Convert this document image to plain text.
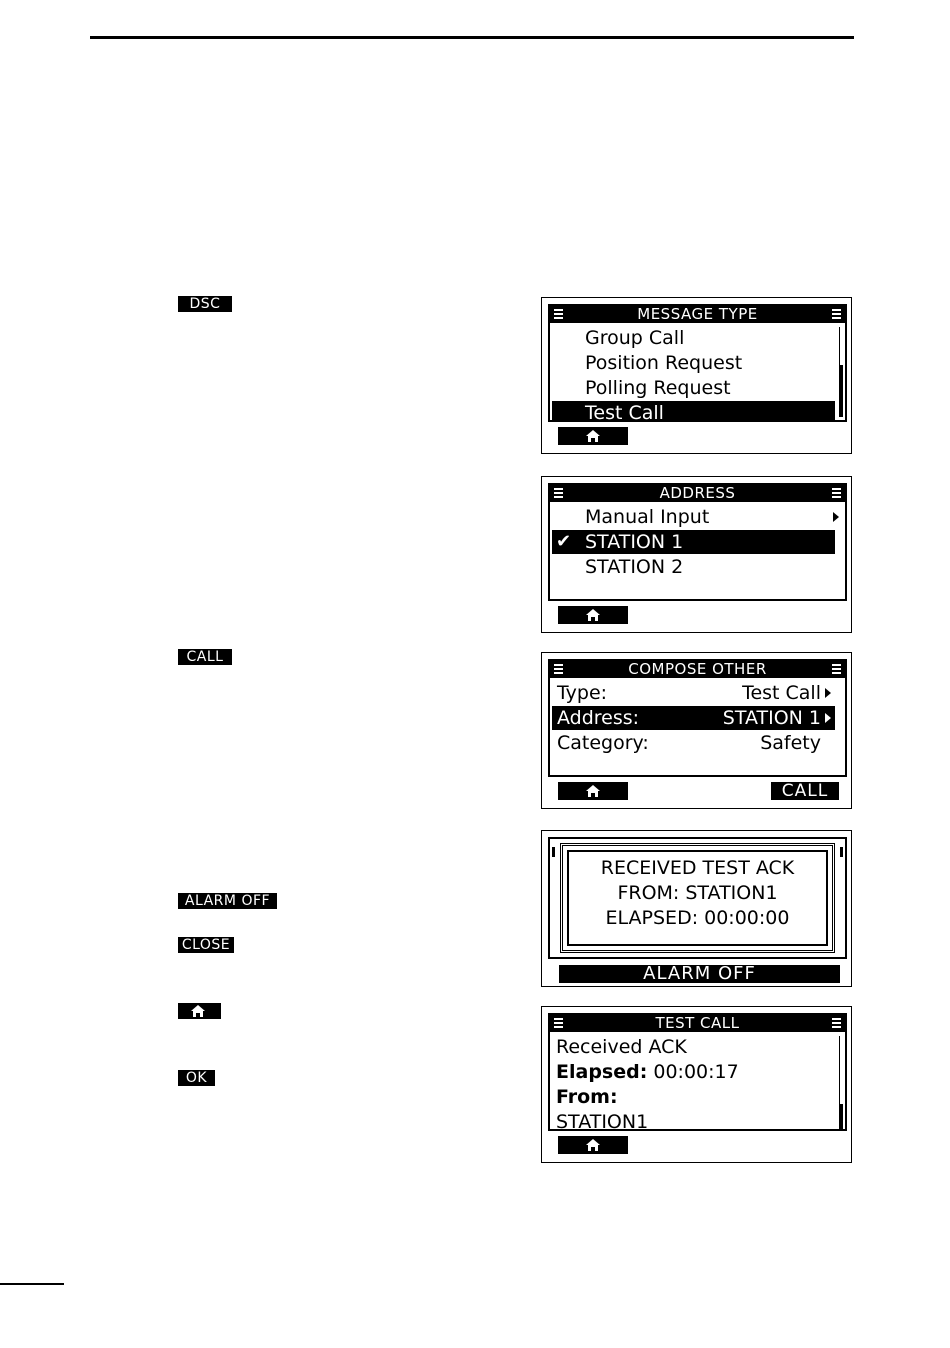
DSC
CALL
ALARM OFF
CLOSE
OK
MESSAGE TYPE
Group Call
Position Request
Polling Request
Test Call
ADDRESS
Manual Input
✔ STATION 1
STATION 2
COMPOSE OTHER
Type:	Test Call
Address:	STATION 1
Category:	Safety
CALL
RECEIVED TEST ACK
FROM: STATION1
ELAPSED: 00:00:00
ALARM OFF
TEST CALL
Received ACK
Elapsed: 00:00:17
From:
STATION1
